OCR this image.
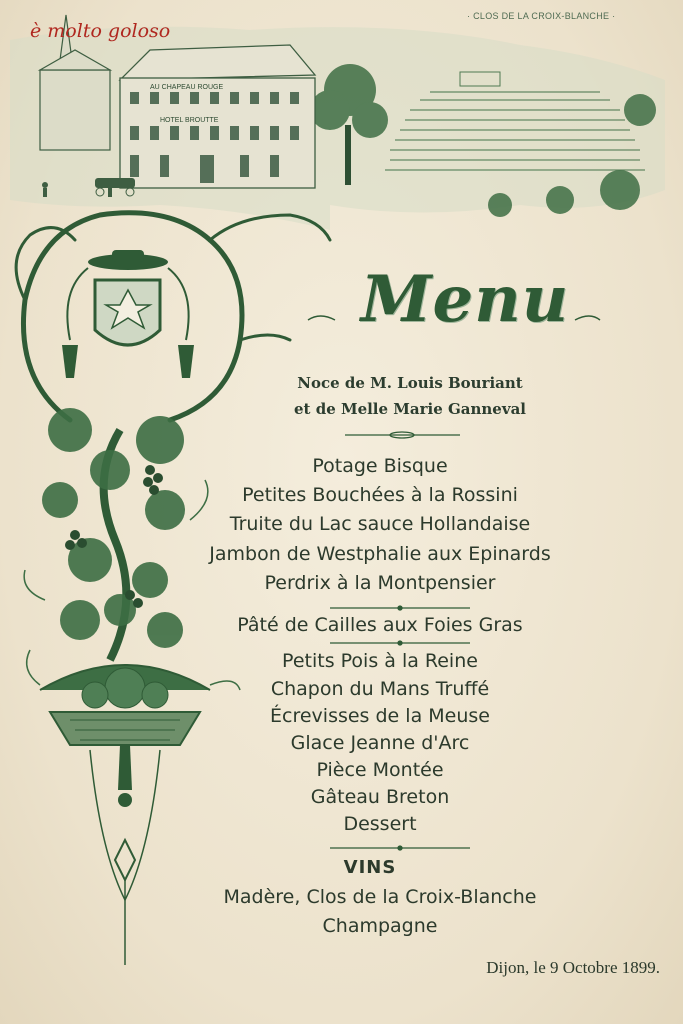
AU CHAPEAU ROUGE
HOTEL BROUTTE
è molto goloso
· CLOS DE LA CROIX-BLANCHE ·
Menu
Noce de M. Louis Bouriant
et de Melle Marie Ganneval
Potage Bisque
Petites Bouchées à la Rossini
Truite du Lac sauce Hollandaise
Jambon de Westphalie aux Epinards
Perdrix à la Montpensier
Pâté de Cailles aux Foies Gras
Petits Pois à la Reine
Chapon du Mans Truffé
Écrevisses de la Meuse
Glace Jeanne d'Arc
Pièce Montée
Gâteau Breton
Dessert
VINS
Madère, Clos de la Croix-Blanche
Champagne
Dijon, le 9 Octobre 1899.
